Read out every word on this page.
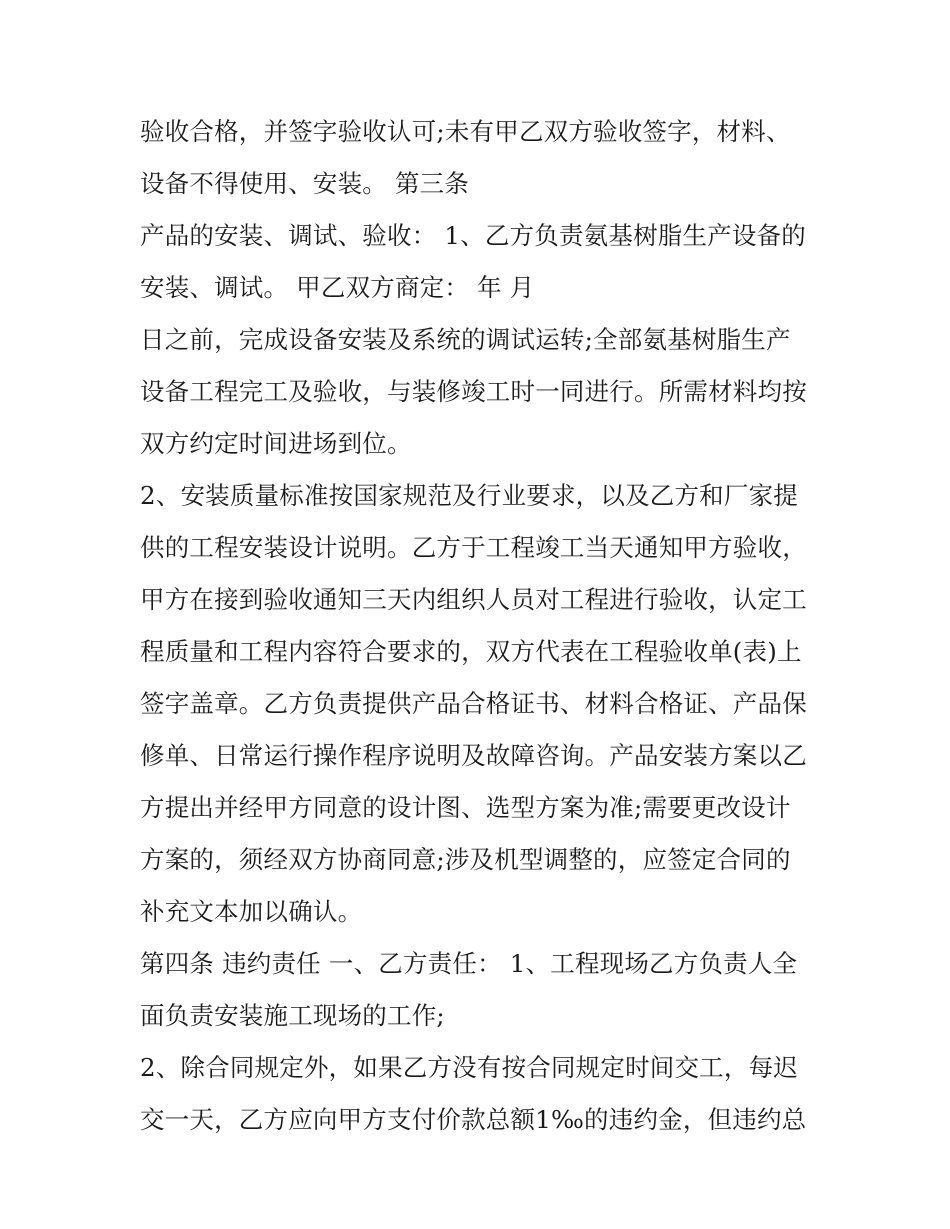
验收合格，并签字验收认可;未有甲乙双方验收签字，材料、
设备不得使用、安装。 第三条
产品的安装、调试、验收： 1、乙方负责氨基树脂生产设备的
安装、调试。 甲乙双方商定： 年 月
日之前，完成设备安装及系统的调试运转;全部氨基树脂生产
设备工程完工及验收，与装修竣工时一同进行。所需材料均按
双方约定时间进场到位。
2、安装质量标准按国家规范及行业要求，以及乙方和厂家提
供的工程安装设计说明。乙方于工程竣工当天通知甲方验收，
甲方在接到验收通知三天内组织人员对工程进行验收，认定工
程质量和工程内容符合要求的，双方代表在工程验收单(表)上
签字盖章。乙方负责提供产品合格证书、材料合格证、产品保
修单、日常运行操作程序说明及故障咨询。产品安装方案以乙
方提出并经甲方同意的设计图、选型方案为准;需要更改设计
方案的，须经双方协商同意;涉及机型调整的，应签定合同的
补充文本加以确认。
第四条 违约责任 一、乙方责任： 1、工程现场乙方负责人全
面负责安装施工现场的工作;
2、除合同规定外，如果乙方没有按合同规定时间交工，每迟
交一天，乙方应向甲方支付价款总额1‰的违约金，但违约总
